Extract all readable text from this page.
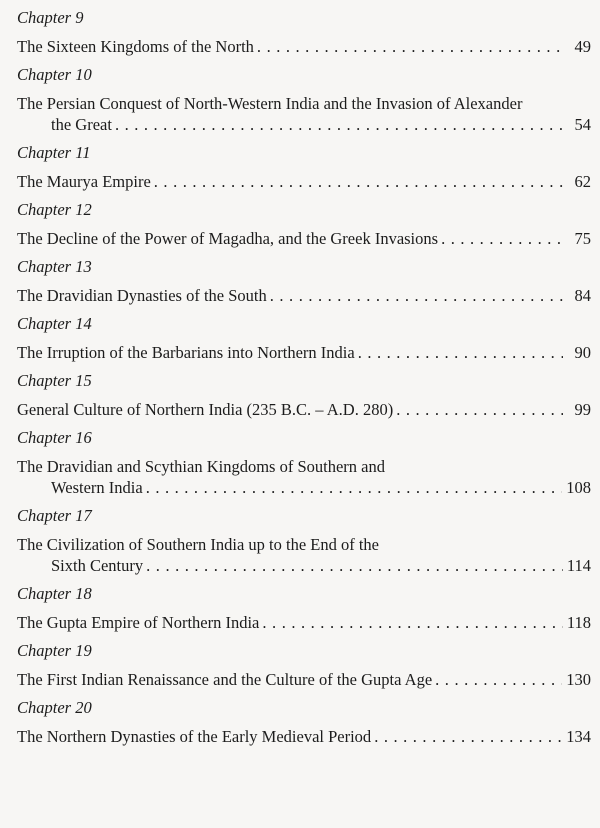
Chapter 9
The Sixteen Kingdoms of the North . . .	49
Chapter 10
The Persian Conquest of North-Western India and the Invasion of Alexander
the Great . . .	54
Chapter 11
The Maurya Empire . . .	62
Chapter 12
The Decline of the Power of Magadha, and the Greek Invasions . . .	75
Chapter 13
The Dravidian Dynasties of the South . . .	84
Chapter 14
The Irruption of the Barbarians into Northern India . . .	90
Chapter 15
General Culture of Northern India (235 B.C. – A.D. 280) . . .	99
Chapter 16
The Dravidian and Scythian Kingdoms of Southern and
Western India . . .	108
Chapter 17
The Civilization of Southern India up to the End of the
Sixth Century . . .	114
Chapter 18
The Gupta Empire of Northern India . . .	118
Chapter 19
The First Indian Renaissance and the Culture of the Gupta Age . . .	130
Chapter 20
The Northern Dynasties of the Early Medieval Period . . .	134
